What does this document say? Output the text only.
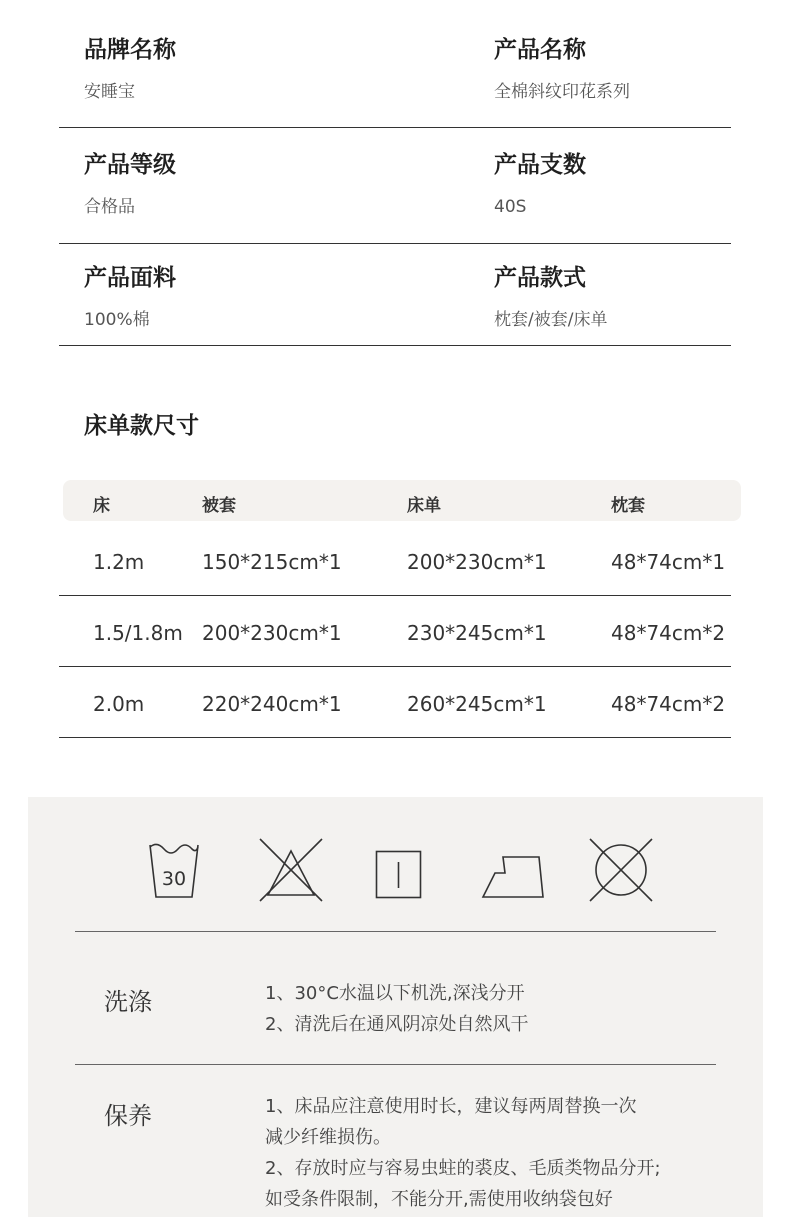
品牌名称
安睡宝
产品名称
全棉斜纹印花系列
产品等级
合格品
产品支数
40S
产品面料
100%棉
产品款式
枕套/被套/床单
床单款尺寸
床	被套	床单	枕套
1.2m	150*215cm*1	200*230cm*1	48*74cm*1
1.5/1.8m 200*230cm*1	230*245cm*1	48*74cm*2
2.0m	220*240cm*1	260*245cm*1	48*74cm*2
30
洗涤	1、30°C水温以下机洗,深浅分开
2、清洗后在通风阴凉处自然风干
保养	1、床品应注意使用时长，建议每两周替换一次
减少纤维损伤。
2、存放时应与容易虫蛀的裘皮、毛质类物品分开;
如受条件限制，不能分开,需使用收纳袋包好
